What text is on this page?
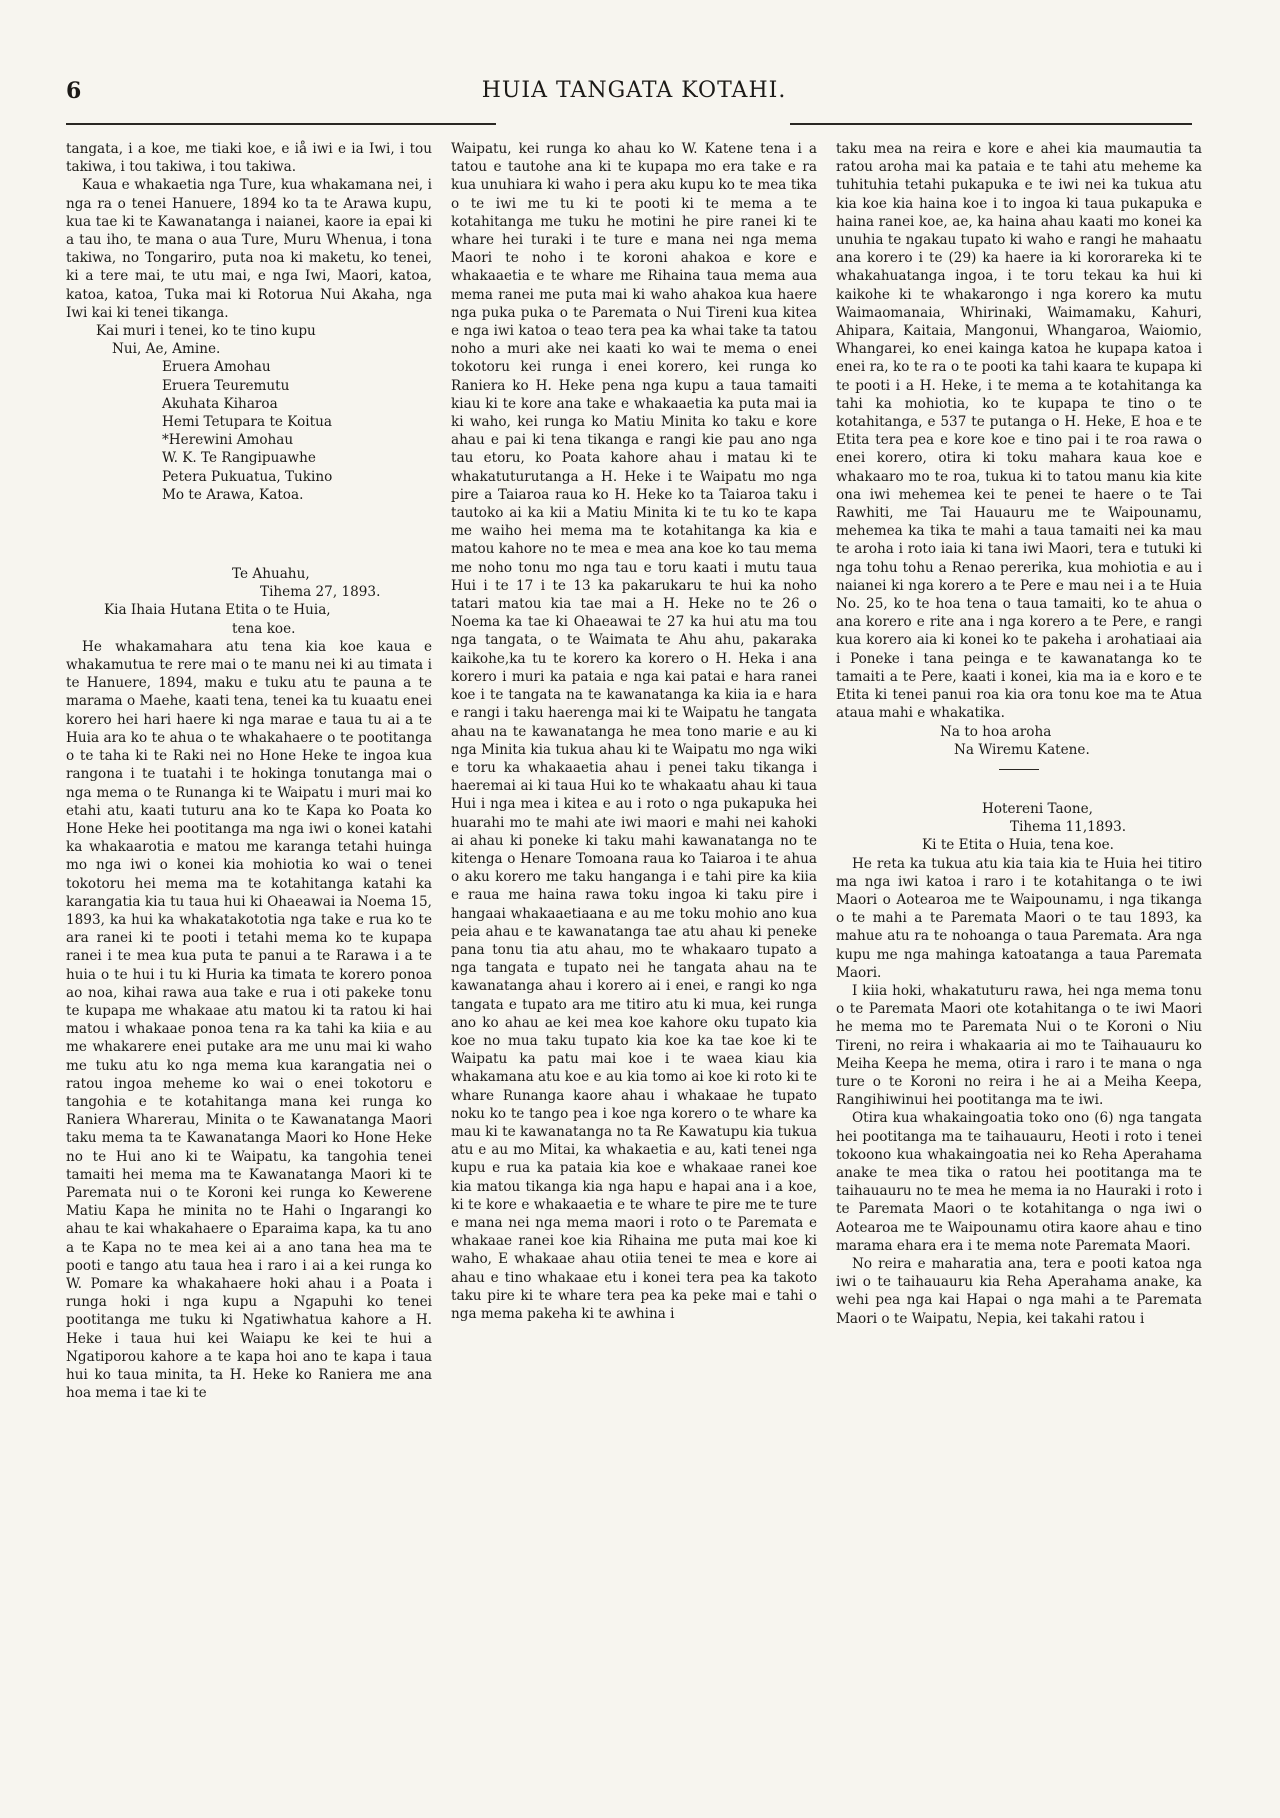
6	HUIA TANGATA KOTAHI.

tangata, i a koe, me tiaki koe, e iå iwi e ia Iwi, i tou takiwa, i tou takiwa, i tou takiwa.

Kaua e whakaetia nga Ture, kua whakamana nei, i nga ra o tenei Hanuere, 1894 ko ta te Arawa kupu, kua tae ki te Kawanatanga i naianei, kaore ia epai ki a tau iho, te mana o aua Ture, Muru Whenua, i tona takiwa, no Tongariro, puta noa ki maketu, ko tenei, ki a tere mai, te utu mai, e nga Iwi, Maori, katoa, katoa, katoa, Tuka mai ki Rotorua Nui Akaha, nga Iwi kai ki tenei tikanga.

Kai muri i tenei, ko te tino kupu

Nui, Ae, Amine.

Eruera Amohau

Eruera Teuremutu

Akuhata Kiharoa

Hemi Tetupara te Koitua

*Herewini Amohau

W. K. Te Rangipuawhe

Petera Pukuatua, Tukino

Mo te Arawa, Katoa.

Te Ahuahu,

Tihema 27, 1893.

Kia Ihaia Hutana Etita o te Huia,

tena koe.

He whakamahara atu tena kia koe kaua e whakamutua te rere mai o te manu nei ki au timata i te Hanuere, 1894, maku e tuku atu te pauna a te marama o Maehe, kaati tena, tenei ka tu kuaatu enei korero hei hari haere ki nga marae e taua tu ai a te Huia ara ko te ahua o te whakahaere o te pootitanga o te taha ki te Raki nei no Hone Heke te ingoa kua rangona i te tuatahi i te hokinga tonutanga mai o nga mema o te Runanga ki te Waipatu i muri mai ko etahi atu, kaati tuturu ana ko te Kapa ko Poata ko Hone Heke hei pootitanga ma nga iwi o konei katahi ka whakaarotia e matou me karanga tetahi huinga mo nga iwi o konei kia mohiotia ko wai o tenei tokotoru hei mema ma te kotahitanga katahi ka karangatia kia tu taua hui ki Ohaeawai ia Noema 15, 1893, ka hui ka whakatakototia nga take e rua ko te ara ranei ki te pooti i tetahi mema ko te kupapa ranei i te mea kua puta te panui a te Rarawa i a te huia o te hui i tu ki Huria ka timata te korero ponoa ao noa, kihai rawa aua take e rua i oti pakeke tonu te kupapa me whakaae atu matou ki ta ratou ki hai matou i whakaae ponoa tena ra ka tahi ka kiia e au me whakarere enei putake ara me unu mai ki waho me tuku atu ko nga mema kua karangatia nei o ratou ingoa meheme ko wai o enei tokotoru e tangohia e te kotahitanga mana kei runga ko Raniera Wharerau, Minita o te Kawanatanga Maori taku mema ta te Kawanatanga Maori ko Hone Heke no te Hui ano ki te Waipatu, ka tangohia tenei tamaiti hei mema ma te Kawanatanga Maori ki te Paremata nui o te Koroni kei runga ko Kewerene Matiu Kapa he minita no te Hahi o Ingarangi ko ahau te kai whakahaere o Eparaima kapa, ka tu ano a te Kapa no te mea kei ai a ano tana hea ma te pooti e tango atu taua hea i raro i ai a kei runga ko W. Pomare ka whakahaere hoki ahau i a Poata i runga hoki i nga kupu a Ngapuhi ko tenei pootitanga me tuku ki Ngatiwhatua kahore a H. Heke i taua hui kei Waiapu ke kei te hui a Ngatiporou kahore a te kapa hoi ano te kapa i taua hui ko taua minita, ta H. Heke ko Raniera me ana hoa mema i tae ki te

Waipatu, kei runga ko ahau ko W. Katene tena i a tatou e tautohe ana ki te kupapa mo era take e ra kua unuhiara ki waho i pera aku kupu ko te mea tika o te iwi me tu ki te pooti ki te mema a te kotahitanga me tuku he motini he pire ranei ki te whare hei turaki i te ture e mana nei nga mema Maori te noho i te koroni ahakoa e kore e whakaaetia e te whare me Rihaina taua mema aua mema ranei me puta mai ki waho ahakoa kua haere nga puka puka o te Paremata o Nui Tireni kua kitea e nga iwi katoa o teao tera pea ka whai take ta tatou noho a muri ake nei kaati ko wai te mema o enei tokotoru kei runga i enei korero, kei runga ko Raniera ko H. Heke pena nga kupu a taua tamaiti kiau ki te kore ana take e whakaaetia ka puta mai ia ki waho, kei runga ko Matiu Minita ko taku e kore ahau e pai ki tena tikanga e rangi kie pau ano nga tau etoru, ko Poata kahore ahau i matau ki te whakatuturutanga a H. Heke i te Waipatu mo nga pire a Taiaroa raua ko H. Heke ko ta Taiaroa taku i tautoko ai ka kii a Matiu Minita ki te tu ko te kapa me waiho hei mema ma te kotahitanga ka kia e matou kahore no te mea e mea ana koe ko tau mema me noho tonu mo nga tau e toru kaati i mutu taua Hui i te 17 i te 13 ka pakarukaru te hui ka noho tatari matou kia tae mai a H. Heke no te 26 o Noema ka tae ki Ohaeawai te 27 ka hui atu ma tou nga tangata, o te Waimata te Ahu ahu, pakaraka kaikohe,ka tu te korero ka korero o H. Heka i ana korero i muri ka pataia e nga kai patai e hara ranei koe i te tangata na te kawanatanga ka kiia ia e hara e rangi i taku haerenga mai ki te Waipatu he tangata ahau na te kawanatanga he mea tono marie e au ki nga Minita kia tukua ahau ki te Waipatu mo nga wiki e toru ka whakaaetia ahau i penei taku tikanga i haeremai ai ki taua Hui ko te whakaatu ahau ki taua Hui i nga mea i kitea e au i roto o nga pukapuka hei huarahi mo te mahi ate iwi maori e mahi nei kahoki ai ahau ki poneke ki taku mahi kawanatanga no te kitenga o Henare Tomoana raua ko Taiaroa i te ahua o aku korero me taku hanganga i e tahi pire ka kiia e raua me haina rawa toku ingoa ki taku pire i hangaai whakaaetiaana e au me toku mohio ano kua peia ahau e te kawanatanga tae atu ahau ki peneke pana tonu tia atu ahau, mo te whakaaro tupato a nga tangata e tupato nei he tangata ahau na te kawanatanga ahau i korero ai i enei, e rangi ko nga tangata e tupato ara me titiro atu ki mua, kei runga ano ko ahau ae kei mea koe kahore oku tupato kia koe no mua taku tupato kia koe ka tae koe ki te Waipatu ka patu mai koe i te waea kiau kia whakamana atu koe e au kia tomo ai koe ki roto ki te whare Runanga kaore ahau i whakaae he tupato noku ko te tango pea i koe nga korero o te whare ka mau ki te kawanatanga no ta Re Kawatupu kia tukua atu e au mo Mitai, ka whakaetia e au, kati tenei nga kupu e rua ka pataia kia koe e whakaae ranei koe kia matou tikanga kia nga hapu e hapai ana i a koe, ki te kore e whakaaetia e te whare te pire me te ture e mana nei nga mema maori i roto o te Paremata e whakaae ranei koe kia Rihaina me puta mai koe ki waho, E whakaae ahau otiia tenei te mea e kore ai ahau e tino whakaae etu i konei tera pea ka takoto taku pire ki te whare tera pea ka peke mai e tahi o nga mema pakeha ki te awhina i

taku mea na reira e kore e ahei kia maumautia ta ratou aroha mai ka pataia e te tahi atu meheme ka tuhituhia tetahi pukapuka e te iwi nei ka tukua atu kia koe kia haina koe i to ingoa ki taua pukapuka e haina ranei koe, ae, ka haina ahau kaati mo konei ka unuhia te ngakau tupato ki waho e rangi he mahaatu ana korero i te (29) ka haere ia ki kororareka ki te whakahuatanga ingoa, i te toru tekau ka hui ki kaikohe ki te whakarongo i nga korero ka mutu Waimaomanaia, Whirinaki, Waimamaku, Kahuri, Ahipara, Kaitaia, Mangonui, Whangaroa, Waiomio, Whangarei, ko enei kainga katoa he kupapa katoa i enei ra, ko te ra o te pooti ka tahi kaara te kupapa ki te pooti i a H. Heke, i te mema a te kotahitanga ka tahi ka mohiotia, ko te kupapa te tino o te kotahitanga, e 537 te putanga o H. Heke, E hoa e te Etita tera pea e kore koe e tino pai i te roa rawa o enei korero, otira ki toku mahara kaua koe e whakaaro mo te roa, tukua ki to tatou manu kia kite ona iwi mehemea kei te penei te haere o te Tai Rawhiti, me Tai Hauauru me te Waipounamu, mehemea ka tika te mahi a taua tamaiti nei ka mau te aroha i roto iaia ki tana iwi Maori, tera e tutuki ki nga tohu tohu a Renao pererika, kua mohiotia e au i naianei ki nga korero a te Pere e mau nei i a te Huia No. 25, ko te hoa tena o taua tamaiti, ko te ahua o ana korero e rite ana i nga korero a te Pere, e rangi kua korero aia ki konei ko te pakeha i arohatiaai aia i Poneke i tana peinga e te kawanatanga ko te tamaiti a te Pere, kaati i konei, kia ma ia e koro e te Etita ki tenei panui roa kia ora tonu koe ma te Atua ataua mahi e whakatika.

Na to hoa aroha

Na Wiremu Katene.

Hotereni Taone,

Tihema 11,1893.

Ki te Etita o Huia, tena koe.

He reta ka tukua atu kia taia kia te Huia hei titiro ma nga iwi katoa i raro i te kotahitanga o te iwi Maori o Aotearoa me te Waipounamu, i nga tikanga o te mahi a te Paremata Maori o te tau 1893, ka mahue atu ra te nohoanga o taua Paremata. Ara nga kupu me nga mahinga katoatanga a taua Paremata Maori.

I kiia hoki, whakatuturu rawa, hei nga mema tonu o te Paremata Maori ote kotahitanga o te iwi Maori he mema mo te Paremata Nui o te Koroni o Niu Tireni, no reira i whakaaria ai mo te Taihauauru ko Meiha Keepa he mema, otira i raro i te mana o nga ture o te Koroni no reira i he ai a Meiha Keepa, Rangihiwinui hei pootitanga ma te iwi.

Otira kua whakaingoatia toko ono (6) nga tangata hei pootitanga ma te taihauauru, Heoti i roto i tenei tokoono kua whakaingoatia nei ko Reha Aperahama anake te mea tika o ratou hei pootitanga ma te taihauauru no te mea he mema ia no Hauraki i roto i te Paremata Maori o te kotahitanga o nga iwi o Aotearoa me te Waipounamu otira kaore ahau e tino marama ehara era i te mema note Paremata Maori.

No reira e maharatia ana, tera e pooti katoa nga iwi o te taihauauru kia Reha Aperahama anake, ka wehi pea nga kai Hapai o nga mahi a te Paremata Maori o te Waipatu, Nepia, kei takahi ratou i
